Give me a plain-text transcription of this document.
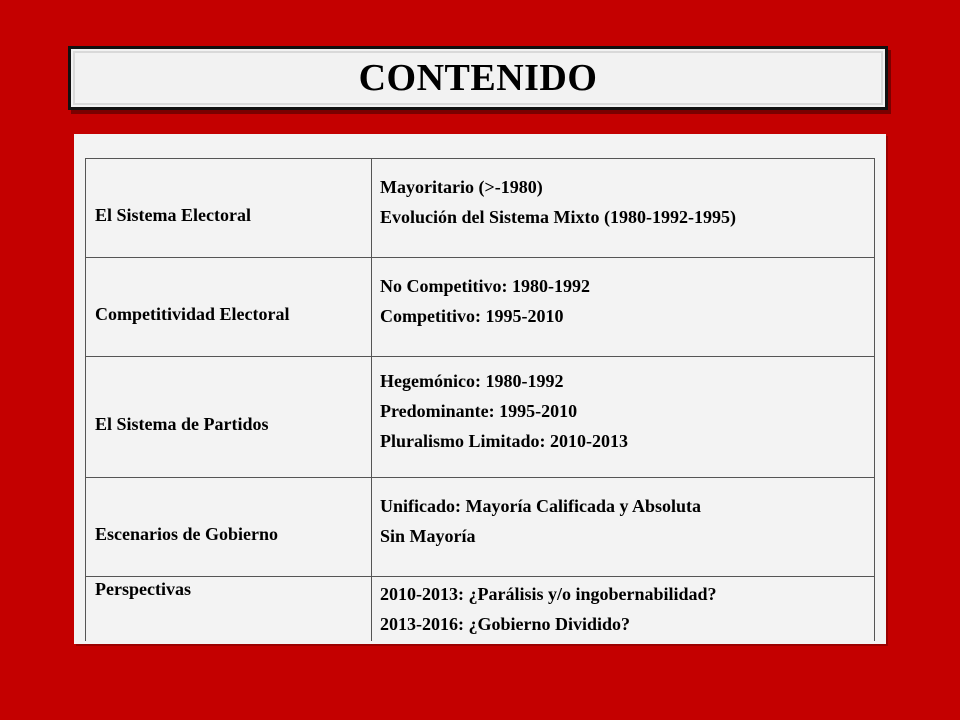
CONTENIDO
El Sistema Electoral	Mayoritario (>-1980)
Evolución del Sistema Mixto (1980-1992-1995)

Competitividad Electoral	No Competitivo: 1980-1992
Competitivo: 1995-2010

El Sistema de Partidos	Hegemónico: 1980-1992
Predominante: 1995-2010
Pluralismo Limitado: 2010-2013

Escenarios de Gobierno	Unificado: Mayoría Calificada y Absoluta
Sin Mayoría

Perspectivas	2010-2013: ¿Parálisis y/o ingobernabilidad?
2013-2016: ¿Gobierno Dividido?
